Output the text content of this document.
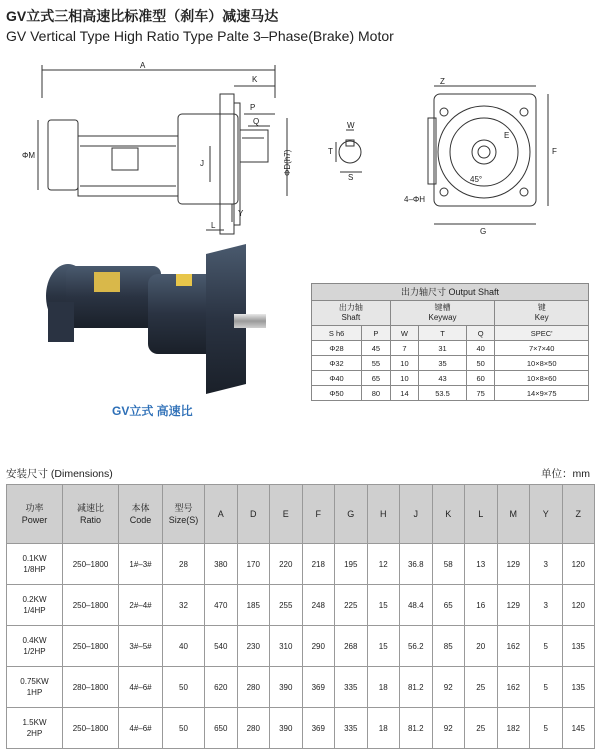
GV立式三相高速比标准型（刹车）减速马达
GV Vertical Type High Ratio Type Palte 3–Phase(Brake) Motor
A
K
P
Q
J
L
Y
ΦM	ΦD(h7)
W
T
S
Z
F
E
45°
4–ΦH
G
GV立式 高速比
出力轴尺寸 Output Shaft					
出力轴
Shaft		键槽
Keyway			键
Key
S h6	P	W	T	Q	SPEC'
Φ28	45	7	31	40	7×7×40
Φ32	55	10	35	50	10×8×50
Φ40	65	10	43	60	10×8×60
Φ50	80	14	53.5	75	14×9×75
安装尺寸 (Dimensions)	单位：mm
功率
Power	减速比
Ratio	本体
Code	型号
Size(S)	A	D	E	F	G	H	J	K	L	M	Y	Z
0.1KW
1/8HP	250–1800	1#–3#	28	380	170	220	218	195	12	36.8	58	13	129	3	120
0.2KW
1/4HP	250–1800	2#–4#	32	470	185	255	248	225	15	48.4	65	16	129	3	120
0.4KW
1/2HP	250–1800	3#–5#	40	540	230	310	290	268	15	56.2	85	20	162	5	135
0.75KW
1HP	280–1800	4#–6#	50	620	280	390	369	335	18	81.2	92	25	162	5	135
1.5KW
2HP	250–1800	4#–6#	50	650	280	390	369	335	18	81.2	92	25	182	5	145
